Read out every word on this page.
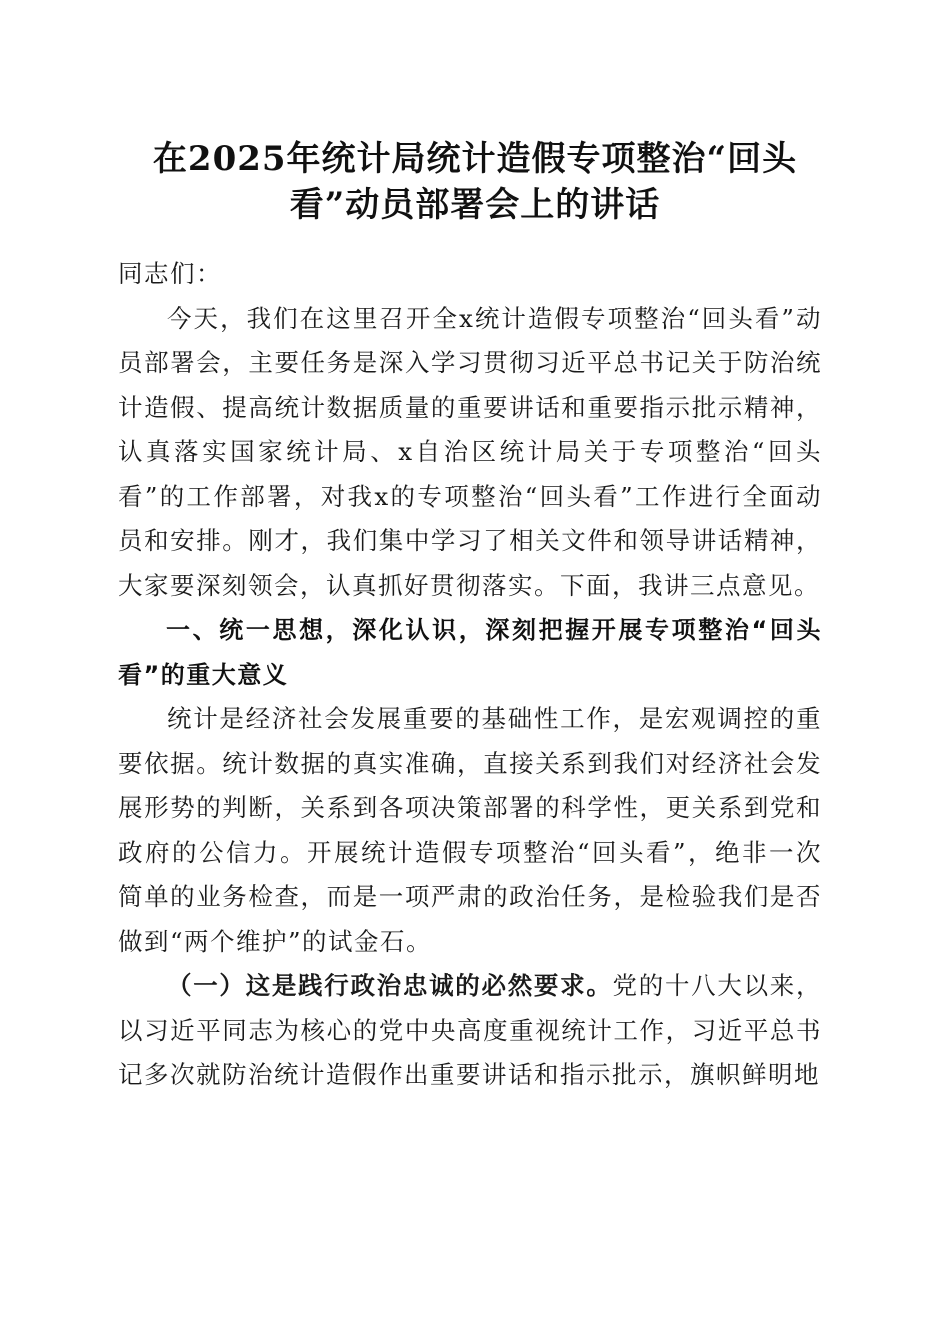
在2025年统计局统计造假专项整治“回头看”动员部署会上的讲话

同志们：

今天，我们在这里召开全x统计造假专项整治“回头看”动员部署会，主要任务是深入学习贯彻习近平总书记关于防治统计造假、提高统计数据质量的重要讲话和重要指示批示精神，认真落实国家统计局、x自治区统计局关于专项整治“回头看”的工作部署，对我x的专项整治“回头看”工作进行全面动员和安排。刚才，我们集中学习了相关文件和领导讲话精神，大家要深刻领会，认真抓好贯彻落实。下面，我讲三点意见。

一、统一思想，深化认识，深刻把握开展专项整治“回头看”的重大意义

统计是经济社会发展重要的基础性工作，是宏观调控的重要依据。统计数据的真实准确，直接关系到我们对经济社会发展形势的判断，关系到各项决策部署的科学性，更关系到党和政府的公信力。开展统计造假专项整治“回头看”，绝非一次简单的业务检查，而是一项严肃的政治任务，是检验我们是否做到“两个维护”的试金石。

（一）这是践行政治忠诚的必然要求。党的十八大以来，以习近平同志为核心的党中央高度重视统计工作，习近平总书记多次就防治统计造假作出重要讲话和指示批示，旗帜鲜明地
